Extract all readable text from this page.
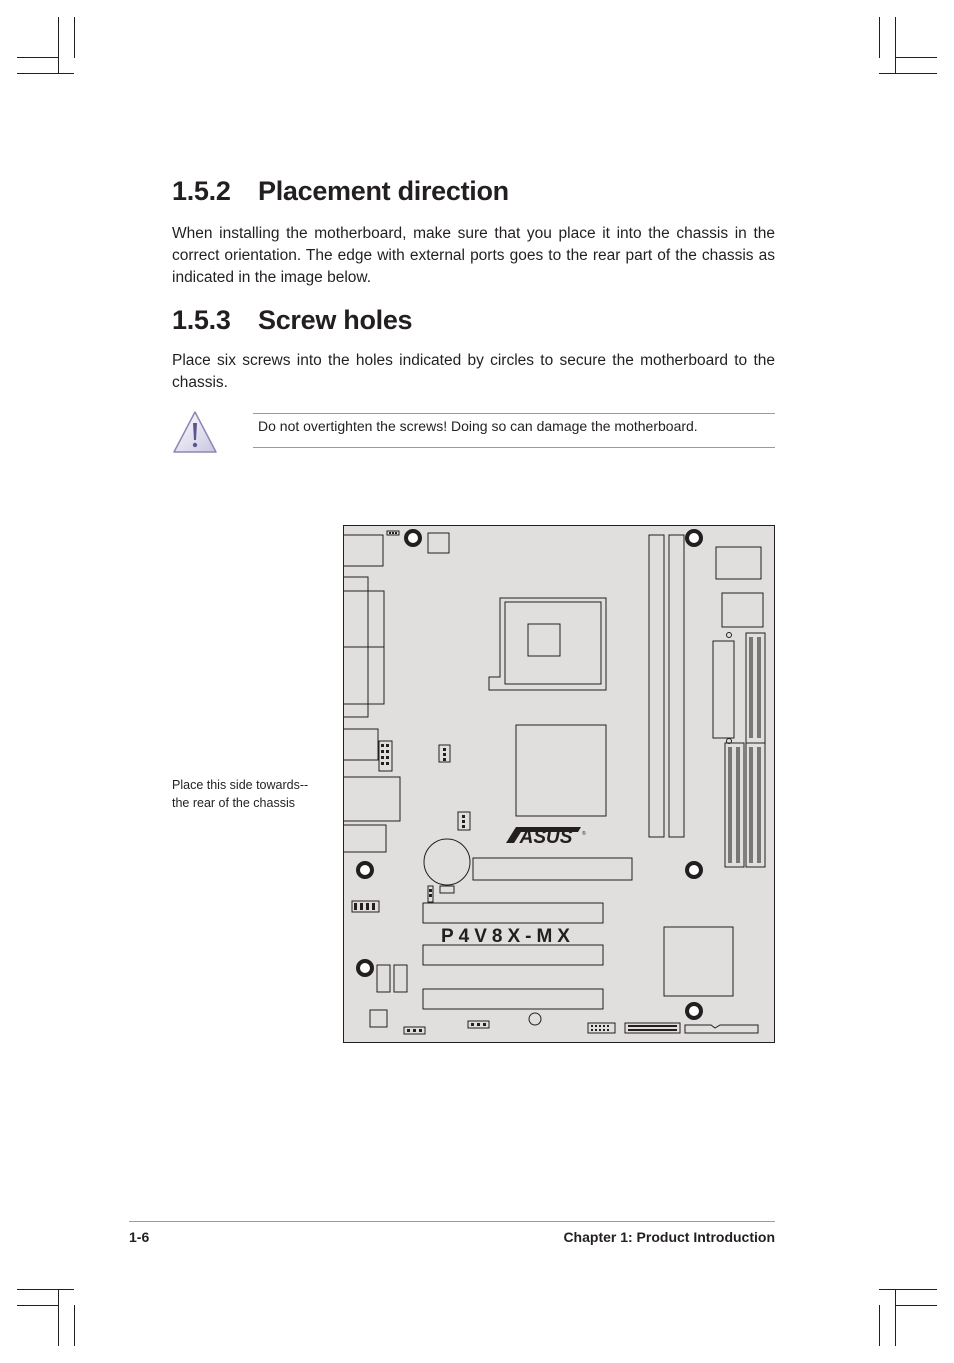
1.5.2 Placement direction

When installing the motherboard, make sure that you place it into the chassis in the correct orientation. The edge with external ports goes to the rear part of the chassis as indicated in the image below.

1.5.3 Screw holes

Place six screws into the holes indicated by circles to secure the motherboard to the chassis.

Do not overtighten the screws! Doing so can damage the motherboard.

Place this side towards--
the rear of the chassis

ASUS ®
P4V8X-MX

1-6	Chapter 1: Product Introduction
